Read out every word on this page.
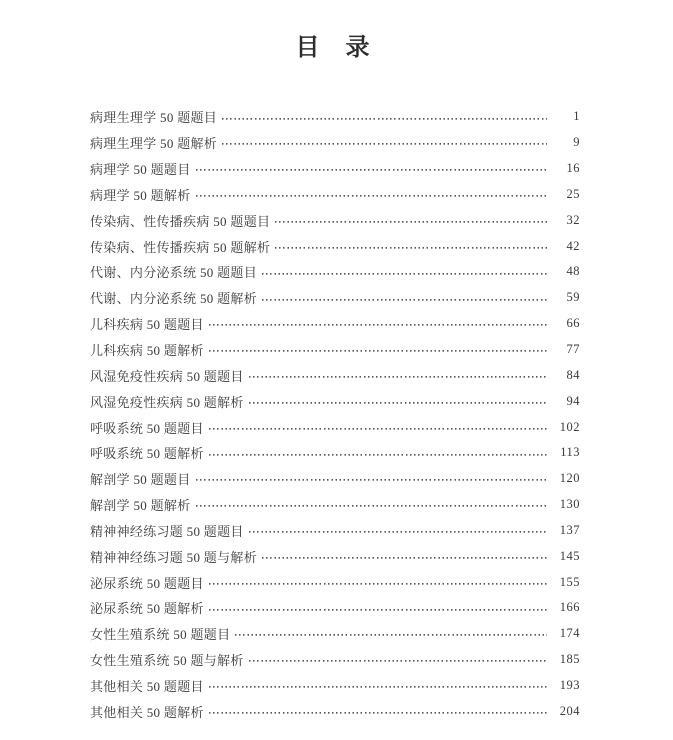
目　录
病理生理学 50 题题目	1
病理生理学 50 题解析	9
病理学 50 题题目	16
病理学 50 题解析	25
传染病、性传播疾病 50 题题目	32
传染病、性传播疾病 50 题解析	42
代谢、内分泌系统 50 题题目	48
代谢、内分泌系统 50 题解析	59
儿科疾病 50 题题目	66
儿科疾病 50 题解析	77
风湿免疫性疾病 50 题题目	84
风湿免疫性疾病 50 题解析	94
呼吸系统 50 题题目	102
呼吸系统 50 题解析	113
解剖学 50 题题目	120
解剖学 50 题解析	130
精神神经练习题 50 题题目	137
精神神经练习题 50 题与解析	145
泌尿系统 50 题题目	155
泌尿系统 50 题解析	166
女性生殖系统 50 题题目	174
女性生殖系统 50 题与解析	185
其他相关 50 题题目	193
其他相关 50 题解析	204
